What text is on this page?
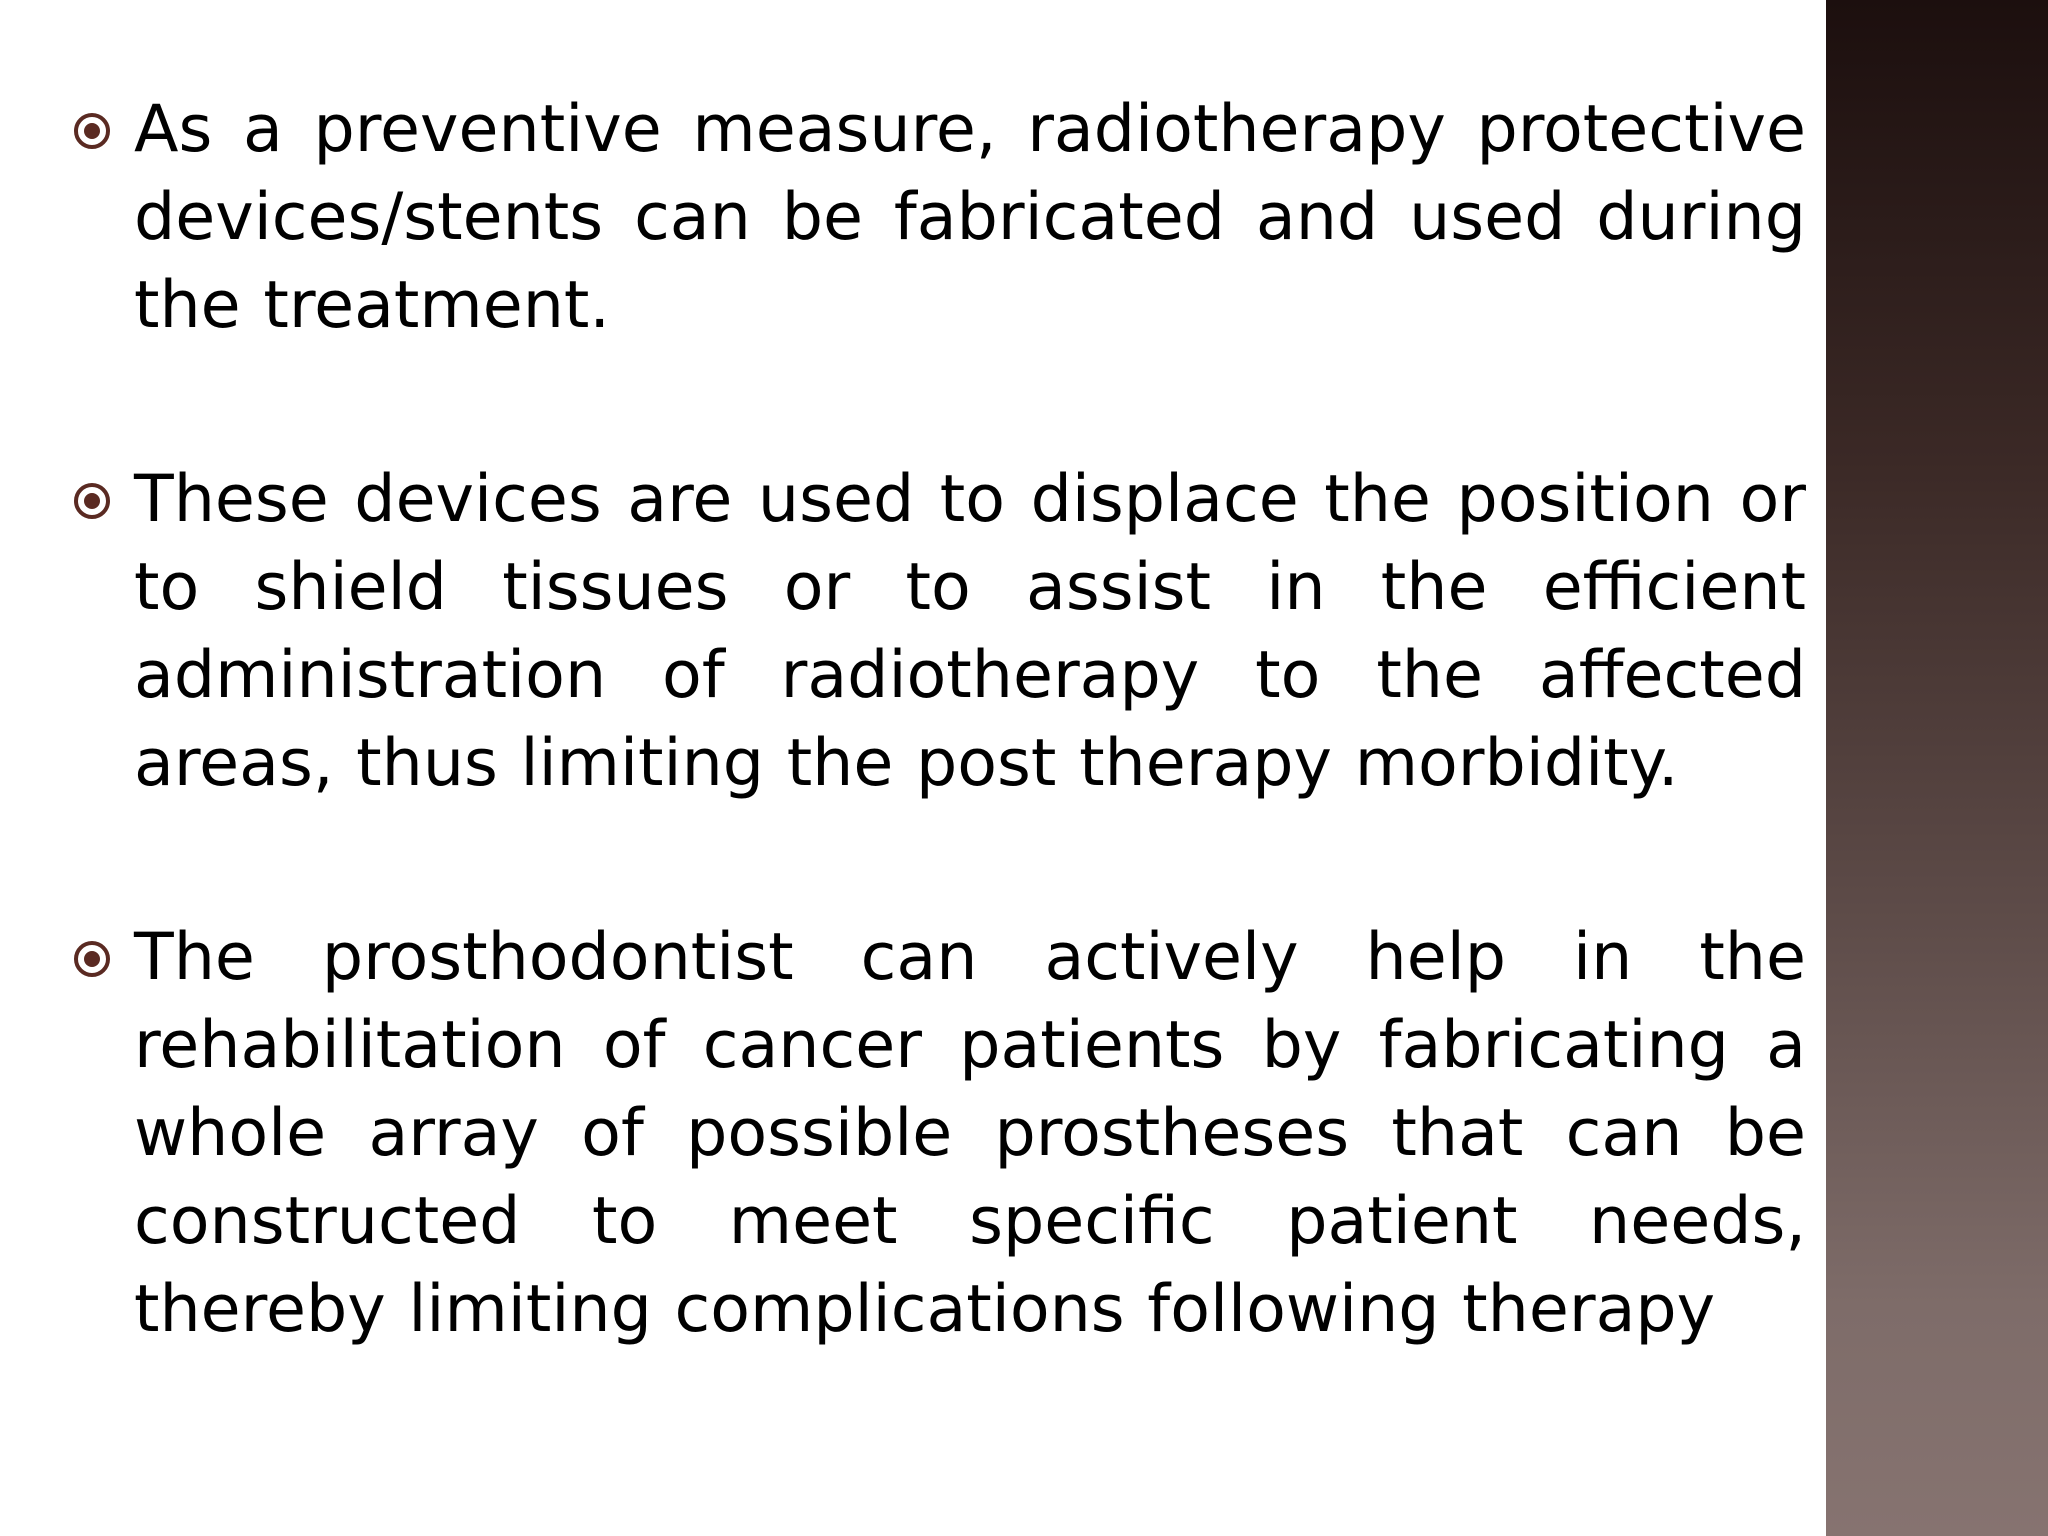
As a preventive measure, radiotherapy protective devices/stents can be fabricated and used during the treatment.
These devices are used to displace the position or to shield tissues or to assist in the efficient administration of radiotherapy to the affected areas, thus limiting the post therapy morbidity.
The prosthodontist can actively help in the rehabilitation of cancer patients by fabricating a whole array of possible prostheses that can be constructed to meet specific patient needs, thereby limiting complications following therapy
